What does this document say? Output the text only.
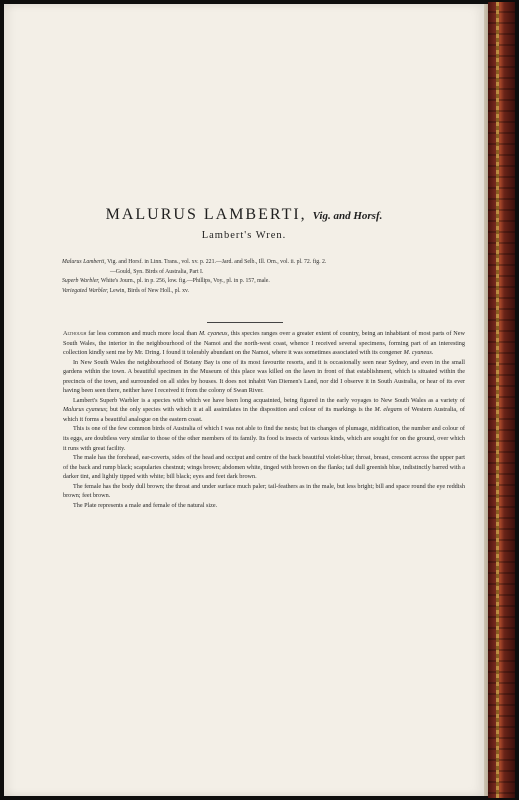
MALURUS LAMBERTI, Vig. and Horsf.
Lambert's Wren.
Malurus Lamberti, Vig. and Horsf. in Linn. Trans., vol. xv. p. 221.—Jard. and Selb., Ill. Orn., vol. ii. pl. 72. fig. 2.
—Gould, Syn. Birds of Australia, Part I.
Superb Warbler, White's Journ., pl. in p. 256, low. fig.—Phillips, Voy., pl. in p. 157, male.
Variegated Warbler, Lewin, Birds of New Holl., pl. xv.

Although far less common and much more local than M. cyaneus, this species ranges over a greater extent of country, being an inhabitant of most parts of New South Wales, the interior in the neighbourhood of the Namoi and the north-west coast, whence I received several specimens, forming part of an interesting collection kindly sent me by Mr. Dring. I found it tolerably abundant on the Namoi, where it was sometimes associated with its congener M. cyaneus.

In New South Wales the neighbourhood of Botany Bay is one of its most favourite resorts, and it is occasionally seen near Sydney, and even in the small gardens within the town. A beautiful specimen in the Museum of this place was killed on the lawn in front of that establishment, which is situated within the precincts of the town, and surrounded on all sides by houses. It does not inhabit Van Diemen's Land, nor did I observe it in South Australia, or hear of its ever having been seen there, neither have I received it from the colony of Swan River.

Lambert's Superb Warbler is a species with which we have been long acquainted, being figured in the early voyages to New South Wales as a variety of Malurus cyaneus; but the only species with which it at all assimilates in the disposition and colour of its markings is the M. elegans of Western Australia, of which it forms a beautiful analogue on the eastern coast.

This is one of the few common birds of Australia of which I was not able to find the nests; but its changes of plumage, nidification, the number and colour of its eggs, are doubtless very similar to those of the other members of its family. Its food is insects of various kinds, which are sought for on the ground, over which it runs with great facility.

The male has the forehead, ear-coverts, sides of the head and occiput and centre of the back beautiful violet-blue; throat, breast, crescent across the upper part of the back and rump black; scapularies chestnut; wings brown; abdomen white, tinged with brown on the flanks; tail dull greenish blue, indistinctly barred with a darker tint, and lightly tipped with white; bill black; eyes and feet dark brown.

The female has the body dull brown; the throat and under surface much paler; tail-feathers as in the male, but less bright; bill and space round the eye reddish brown; feet brown.

The Plate represents a male and female of the natural size.
